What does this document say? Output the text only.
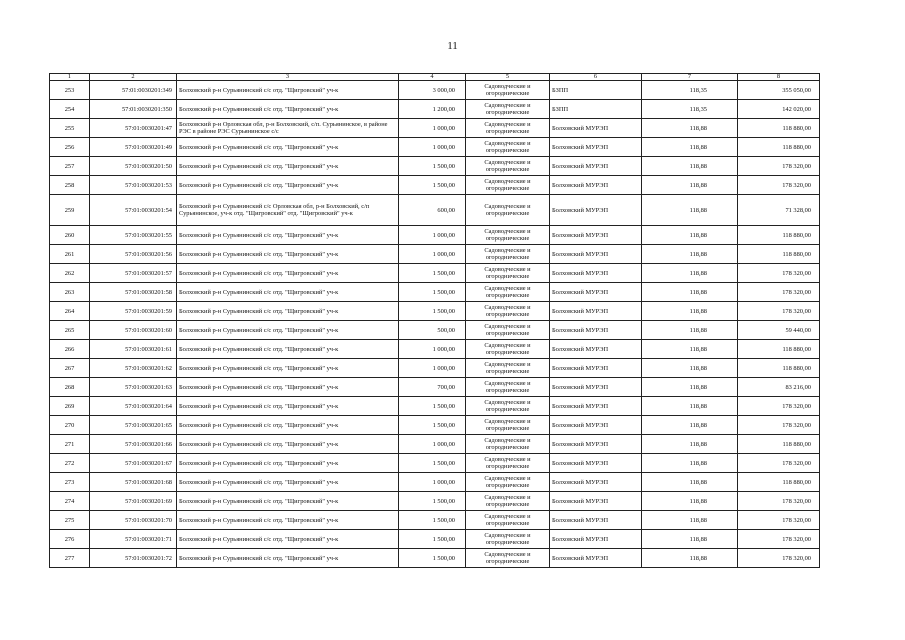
11
1	2	3	4	5	6	7	8
253	57:01:0030201:349	Болховский р-н Сурьянинский с/с отд. "Щигровский" уч-к	3 000,00	Садоводческие и огороднические	БЗПП	118,35	355 050,00
254	57:01:0030201:350	Болховский р-н Сурьянинский с/с отд. "Щигровский" уч-к	1 200,00	Садоводческие и огороднические	БЗПП	118,35	142 020,00
255	57:01:0030201:47	Болховский р-н Орловская обл, р-н Болховский, с/п. Сурьянинское, в районе РЭС в районе РЭС Сурьянинское с/с	1 000,00	Садоводческие и огороднические	Болховский МУРЭП	118,88	118 880,00
256	57:01:0030201:49	Болховский р-н Сурьянинский с/с отд. "Щигровский" уч-к	1 000,00	Садоводческие и огороднические	Болховский МУРЭП	118,88	118 880,00
257	57:01:0030201:50	Болховский р-н Сурьянинский с/с отд. "Щигровский" уч-к	1 500,00	Садоводческие и огороднические	Болховский МУРЭП	118,88	178 320,00
258	57:01:0030201:53	Болховский р-н Сурьянинский с/с отд. "Щигровский" уч-к	1 500,00	Садоводческие и огороднические	Болховский МУРЭП	118,88	178 320,00
259	57:01:0030201:54	Болховский р-н Сурьянинский с/с Орловская обл, р-н Болховский, с/п Сурьянинское, уч-к отд. "Щигровский" отд. "Щигровский" уч-к	600,00	Садоводческие и огороднические	Болховский МУРЭП	118,88	71 328,00
260	57:01:0030201:55	Болховский р-н Сурьянинский с/с отд. "Щигровский" уч-к	1 000,00	Садоводческие и огороднические	Болховский МУРЭП	118,88	118 880,00
261	57:01:0030201:56	Болховский р-н Сурьянинский с/с отд. "Щигровский" уч-к	1 000,00	Садоводческие и огороднические	Болховский МУРЭП	118,88	118 880,00
262	57:01:0030201:57	Болховский р-н Сурьянинский с/с отд. "Щигровский" уч-к	1 500,00	Садоводческие и огороднические	Болховский МУРЭП	118,88	178 320,00
263	57:01:0030201:58	Болховский р-н Сурьянинский с/с отд. "Щигровский" уч-к	1 500,00	Садоводческие и огороднические	Болховский МУРЭП	118,88	178 320,00
264	57:01:0030201:59	Болховский р-н Сурьянинский с/с отд. "Щигровский" уч-к	1 500,00	Садоводческие и огороднические	Болховский МУРЭП	118,88	178 320,00
265	57:01:0030201:60	Болховский р-н Сурьянинский с/с отд. "Щигровский" уч-к	500,00	Садоводческие и огороднические	Болховский МУРЭП	118,88	59 440,00
266	57:01:0030201:61	Болховский р-н Сурьянинский с/с отд. "Щигровский" уч-к	1 000,00	Садоводческие и огороднические	Болховский МУРЭП	118,88	118 880,00
267	57:01:0030201:62	Болховский р-н Сурьянинский с/с отд. "Щигровский" уч-к	1 000,00	Садоводческие и огороднические	Болховский МУРЭП	118,88	118 880,00
268	57:01:0030201:63	Болховский р-н Сурьянинский с/с отд. "Щигровский" уч-к	700,00	Садоводческие и огороднические	Болховский МУРЭП	118,88	83 216,00
269	57:01:0030201:64	Болховский р-н Сурьянинский с/с отд. "Щигровский" уч-к	1 500,00	Садоводческие и огороднические	Болховский МУРЭП	118,88	178 320,00
270	57:01:0030201:65	Болховский р-н Сурьянинский с/с отд. "Щигровский" уч-к	1 500,00	Садоводческие и огороднические	Болховский МУРЭП	118,88	178 320,00
271	57:01:0030201:66	Болховский р-н Сурьянинский с/с отд. "Щигровский" уч-к	1 000,00	Садоводческие и огороднические	Болховский МУРЭП	118,88	118 880,00
272	57:01:0030201:67	Болховский р-н Сурьянинский с/с отд. "Щигровский" уч-к	1 500,00	Садоводческие и огороднические	Болховский МУРЭП	118,88	178 320,00
273	57:01:0030201:68	Болховский р-н Сурьянинский с/с отд. "Щигровский" уч-к	1 000,00	Садоводческие и огороднические	Болховский МУРЭП	118,88	118 880,00
274	57:01:0030201:69	Болховский р-н Сурьянинский с/с отд. "Щигровский" уч-к	1 500,00	Садоводческие и огороднические	Болховский МУРЭП	118,88	178 320,00
275	57:01:0030201:70	Болховский р-н Сурьянинский с/с отд. "Щигровский" уч-к	1 500,00	Садоводческие и огороднические	Болховский МУРЭП	118,88	178 320,00
276	57:01:0030201:71	Болховский р-н Сурьянинский с/с отд. "Щигровский" уч-к	1 500,00	Садоводческие и огороднические	Болховский МУРЭП	118,88	178 320,00
277	57:01:0030201:72	Болховский р-н Сурьянинский с/с отд. "Щигровский" уч-к	1 500,00	Садоводческие и огороднические	Болховский МУРЭП	118,88	178 320,00
